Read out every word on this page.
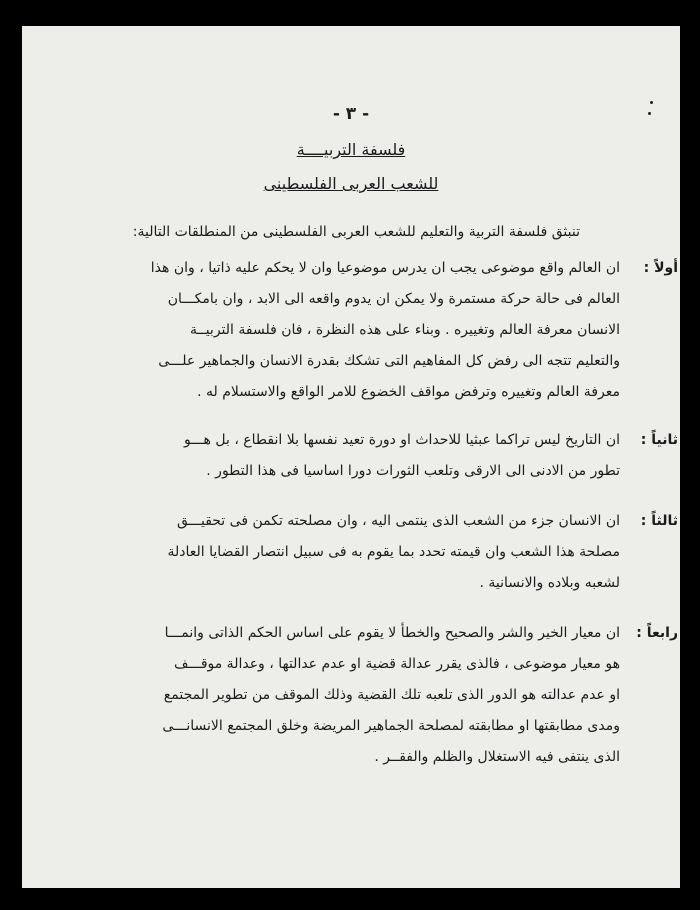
- ٣ -
فلسفة التربيــــة
للشعب العربى الفلسطينى
تنبثق فلسفة التربية والتعليم للشعب العربى الفلسطينى من المنطلقات التالية:
أولاً :
ان العالم واقع موضوعى يجب ان يدرس موضوعيا وان لا يحكم عليه ذاتيا ، وان هذا
العالم فى حالة حركة مستمرة ولا يمكن ان يدوم واقعه الى الابد ، وان بامكـــان
الانسان معرفة العالم وتغييره . وبناء على هذه النظرة ، فان فلسفة التربيــة
والتعليم تتجه الى رفض كل المفاهيم التى تشكك بقدرة الانسان والجماهير علـــى
معرفة العالم وتغييره وترفض مواقف الخضوع للامر الواقع والاستسلام له .
ثانياً :
ان التاريخ ليس تراكما عبثيا للاحداث او دورة تعيد نفسها بلا انقطاع ، بل هـــو
تطور من الادنى الى الارقى وتلعب الثورات دورا اساسيا فى هذا التطور .
ثالثاً :
ان الانسان جزء من الشعب الذى ينتمى اليه ، وان مصلحته تكمن فى تحقيـــق
مصلحة هذا الشعب وان قيمته تحدد بما يقوم به فى سبيل انتصار القضايا العادلة
لشعبه وبلاده والانسانية .
رابعاً :
ان معيار الخير والشر والصحيح والخطأ لا يقوم على اساس الحكم الذاتى وانمـــا
هو معيار موضوعى ، فالذى يقرر عدالة قضية او عدم عدالتها ، وعدالة موقـــف
او عدم عدالته هو الدور الذى تلعبه تلك القضية وذلك الموقف من تطوير المجتمع
ومدى مطابقتها او مطابقته لمصلحة الجماهير المريضة وخلق المجتمع الانسانـــى
الذى ينتفى فيه الاستغلال والظلم والفقــر .
